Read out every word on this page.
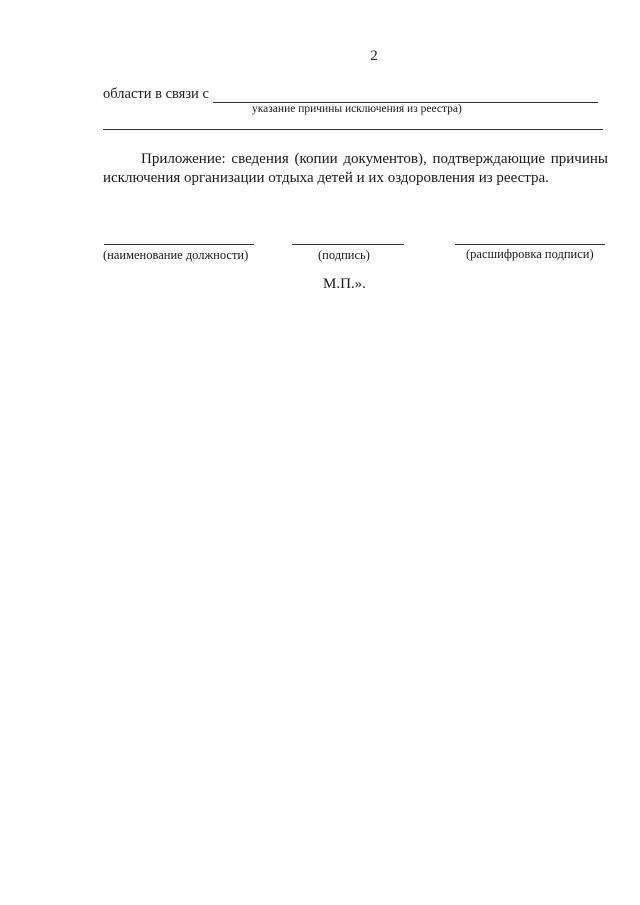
2
области в связи с
указание причины исключения из реестра)
Приложение: сведения (копии документов), подтверждающие причины исключения организации отдыха детей и их оздоровления из реестра.
(наименование должности)	(подпись)	(расшифровка подписи)
М.П.».
